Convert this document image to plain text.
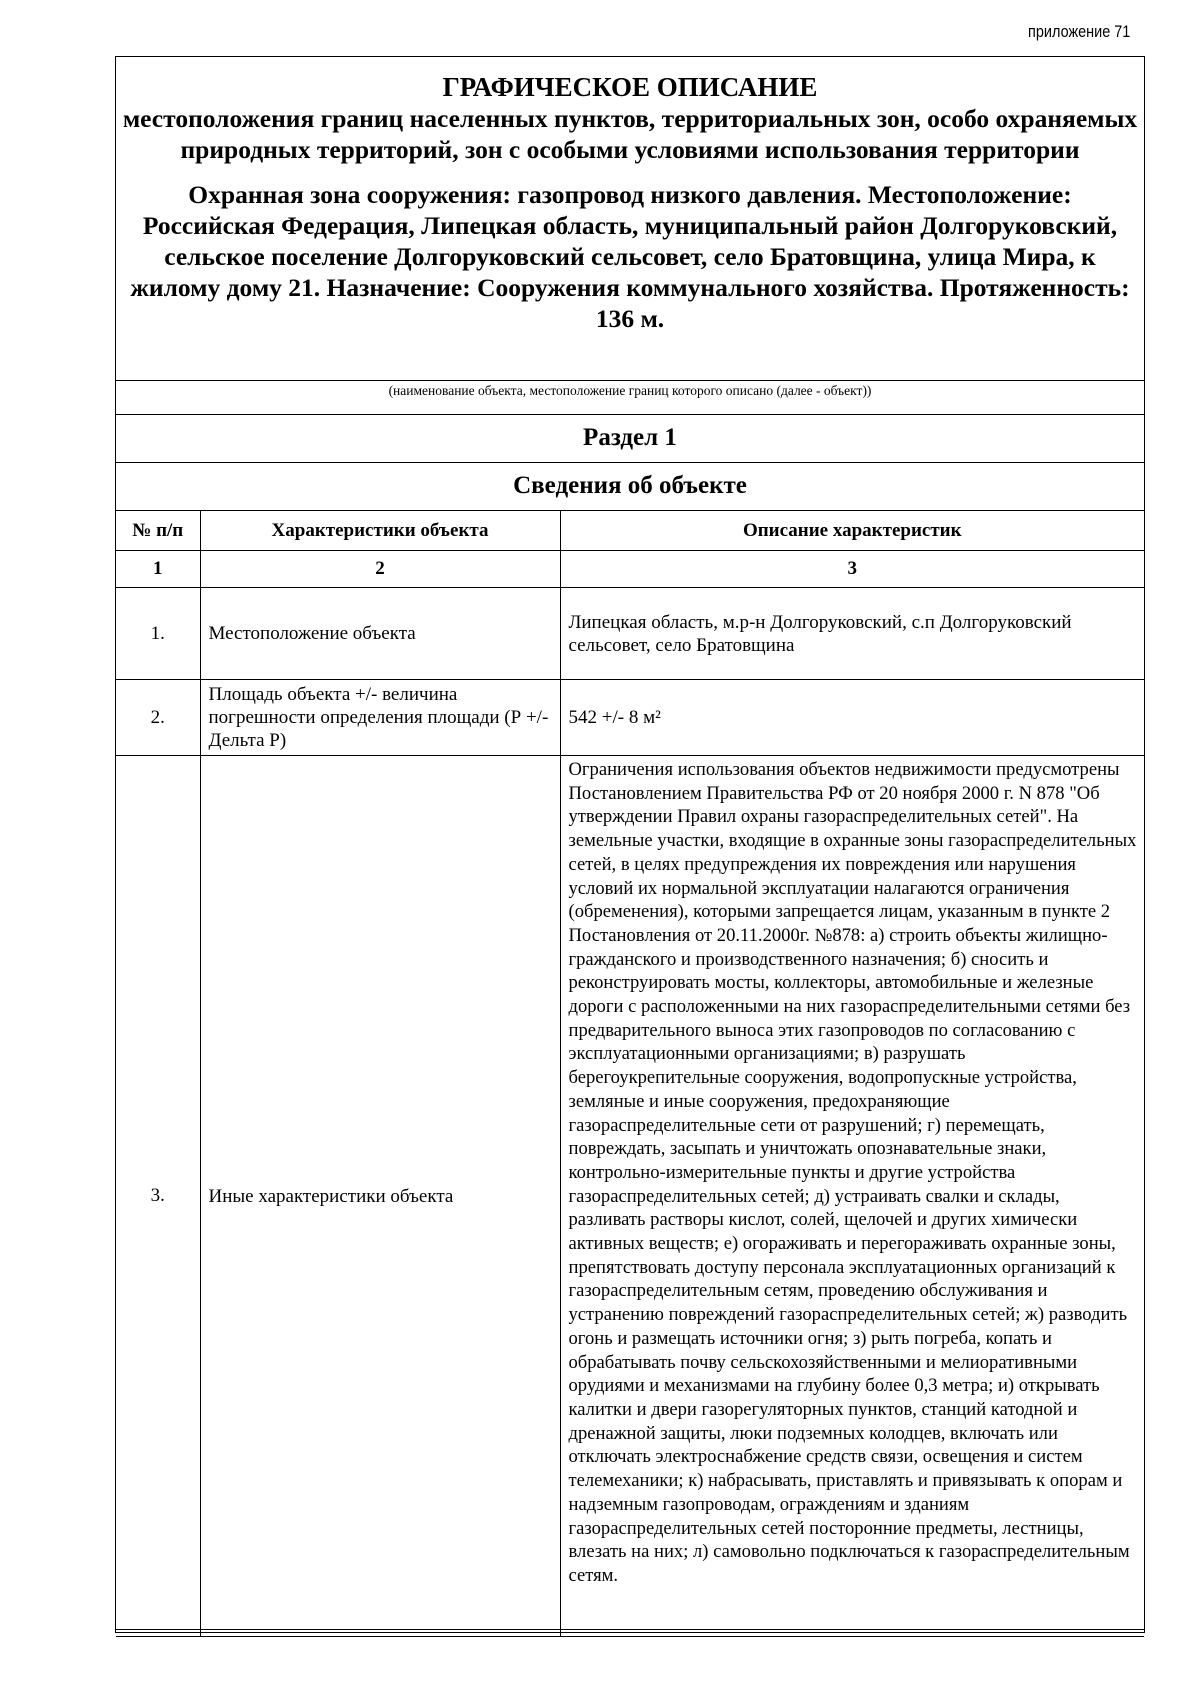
приложение 71
ГРАФИЧЕСКОЕ ОПИСАНИЕ
местоположения границ населенных пунктов, территориальных зон, особо охраняемых природных территорий, зон с особыми условиями использования территории
Охранная зона сооружения: газопровод низкого давления. Местоположение: Российская Федерация, Липецкая область, муниципальный район Долгоруковский, сельское поселение Долгоруковский сельсовет, село Братовщина, улица Мира, к жилому дому 21. Назначение: Сооружения коммунального хозяйства. Протяженность: 136 м.
(наименование объекта, местоположение границ которого описано (далее - объект))
Раздел 1
Сведения об объекте
№ п/п	Характеристики объекта	Описание характеристик
1	2	3
1.	Местоположение объекта	Липецкая область, м.р-н Долгоруковский, с.п Долгоруковский сельсовет, село Братовщина
2.	Площадь объекта +/- величина погрешности определения площади (Р +/- Дельта Р)	542 +/- 8 м²
3.	Иные характеристики объекта	Ограничения использования объектов недвижимости предусмотрены Постановлением Правительства РФ от 20 ноября 2000 г. N 878 "Об утверждении Правил охраны газораспределительных сетей". На земельные участки, входящие в охранные зоны газораспределительных сетей, в целях предупреждения их повреждения или нарушения условий их нормальной эксплуатации налагаются ограничения (обременения), которыми запрещается лицам, указанным в пункте 2 Постановления от 20.11.2000г. №878: а) строить объекты жилищно-гражданского и производственного назначения; б) сносить и реконструировать мосты, коллекторы, автомобильные и железные дороги с расположенными на них газораспределительными сетями без предварительного выноса этих газопроводов по согласованию с эксплуатационными организациями; в) разрушать берегоукрепительные сооружения, водопропускные устройства, земляные и иные сооружения, предохраняющие газораспределительные сети от разрушений; г) перемещать, повреждать, засыпать и уничтожать опознавательные знаки, контрольно-измерительные пункты и другие устройства газораспределительных сетей; д) устраивать свалки и склады, разливать растворы кислот, солей, щелочей и других химически активных веществ; е) огораживать и перегораживать охранные зоны, препятствовать доступу персонала эксплуатационных организаций к газораспределительным сетям, проведению обслуживания и устранению повреждений газораспределительных сетей; ж) разводить огонь и размещать источники огня; з) рыть погреба, копать и обрабатывать почву сельскохозяйственными и мелиоративными орудиями и механизмами на глубину более 0,3 метра; и) открывать калитки и двери газорегуляторных пунктов, станций катодной и дренажной защиты, люки подземных колодцев, включать или отключать электроснабжение средств связи, освещения и систем телемеханики; к) набрасывать, приставлять и привязывать к опорам и надземным газопроводам, ограждениям и зданиям газораспределительных сетей посторонние предметы, лестницы, влезать на них; л) самовольно подключаться к газораспределительным сетям.
